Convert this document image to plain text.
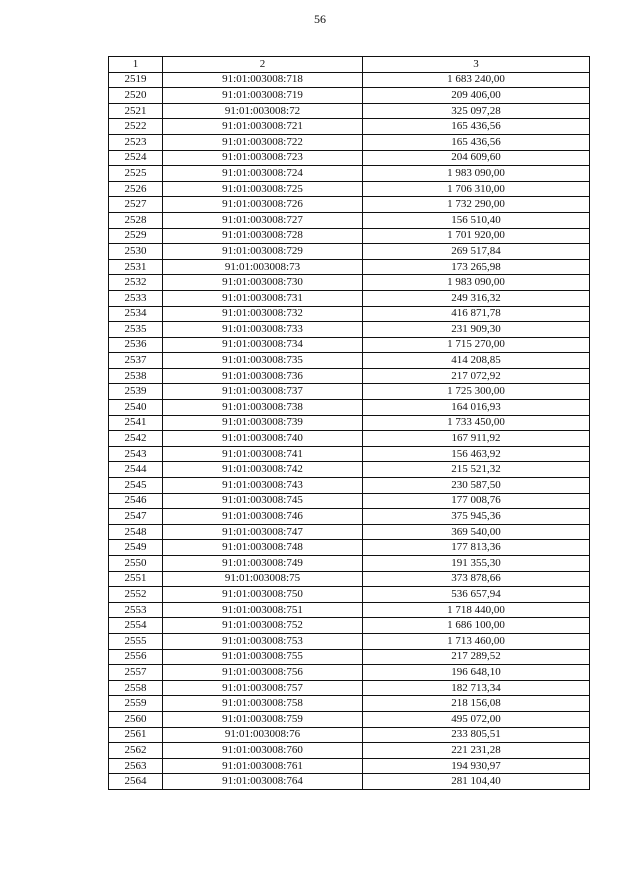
56
1	2	3
2519	91:01:003008:718	1 683 240,00
2520	91:01:003008:719	209 406,00
2521	91:01:003008:72	325 097,28
2522	91:01:003008:721	165 436,56
2523	91:01:003008:722	165 436,56
2524	91:01:003008:723	204 609,60
2525	91:01:003008:724	1 983 090,00
2526	91:01:003008:725	1 706 310,00
2527	91:01:003008:726	1 732 290,00
2528	91:01:003008:727	156 510,40
2529	91:01:003008:728	1 701 920,00
2530	91:01:003008:729	269 517,84
2531	91:01:003008:73	173 265,98
2532	91:01:003008:730	1 983 090,00
2533	91:01:003008:731	249 316,32
2534	91:01:003008:732	416 871,78
2535	91:01:003008:733	231 909,30
2536	91:01:003008:734	1 715 270,00
2537	91:01:003008:735	414 208,85
2538	91:01:003008:736	217 072,92
2539	91:01:003008:737	1 725 300,00
2540	91:01:003008:738	164 016,93
2541	91:01:003008:739	1 733 450,00
2542	91:01:003008:740	167 911,92
2543	91:01:003008:741	156 463,92
2544	91:01:003008:742	215 521,32
2545	91:01:003008:743	230 587,50
2546	91:01:003008:745	177 008,76
2547	91:01:003008:746	375 945,36
2548	91:01:003008:747	369 540,00
2549	91:01:003008:748	177 813,36
2550	91:01:003008:749	191 355,30
2551	91:01:003008:75	373 878,66
2552	91:01:003008:750	536 657,94
2553	91:01:003008:751	1 718 440,00
2554	91:01:003008:752	1 686 100,00
2555	91:01:003008:753	1 713 460,00
2556	91:01:003008:755	217 289,52
2557	91:01:003008:756	196 648,10
2558	91:01:003008:757	182 713,34
2559	91:01:003008:758	218 156,08
2560	91:01:003008:759	495 072,00
2561	91:01:003008:76	233 805,51
2562	91:01:003008:760	221 231,28
2563	91:01:003008:761	194 930,97
2564	91:01:003008:764	281 104,40
